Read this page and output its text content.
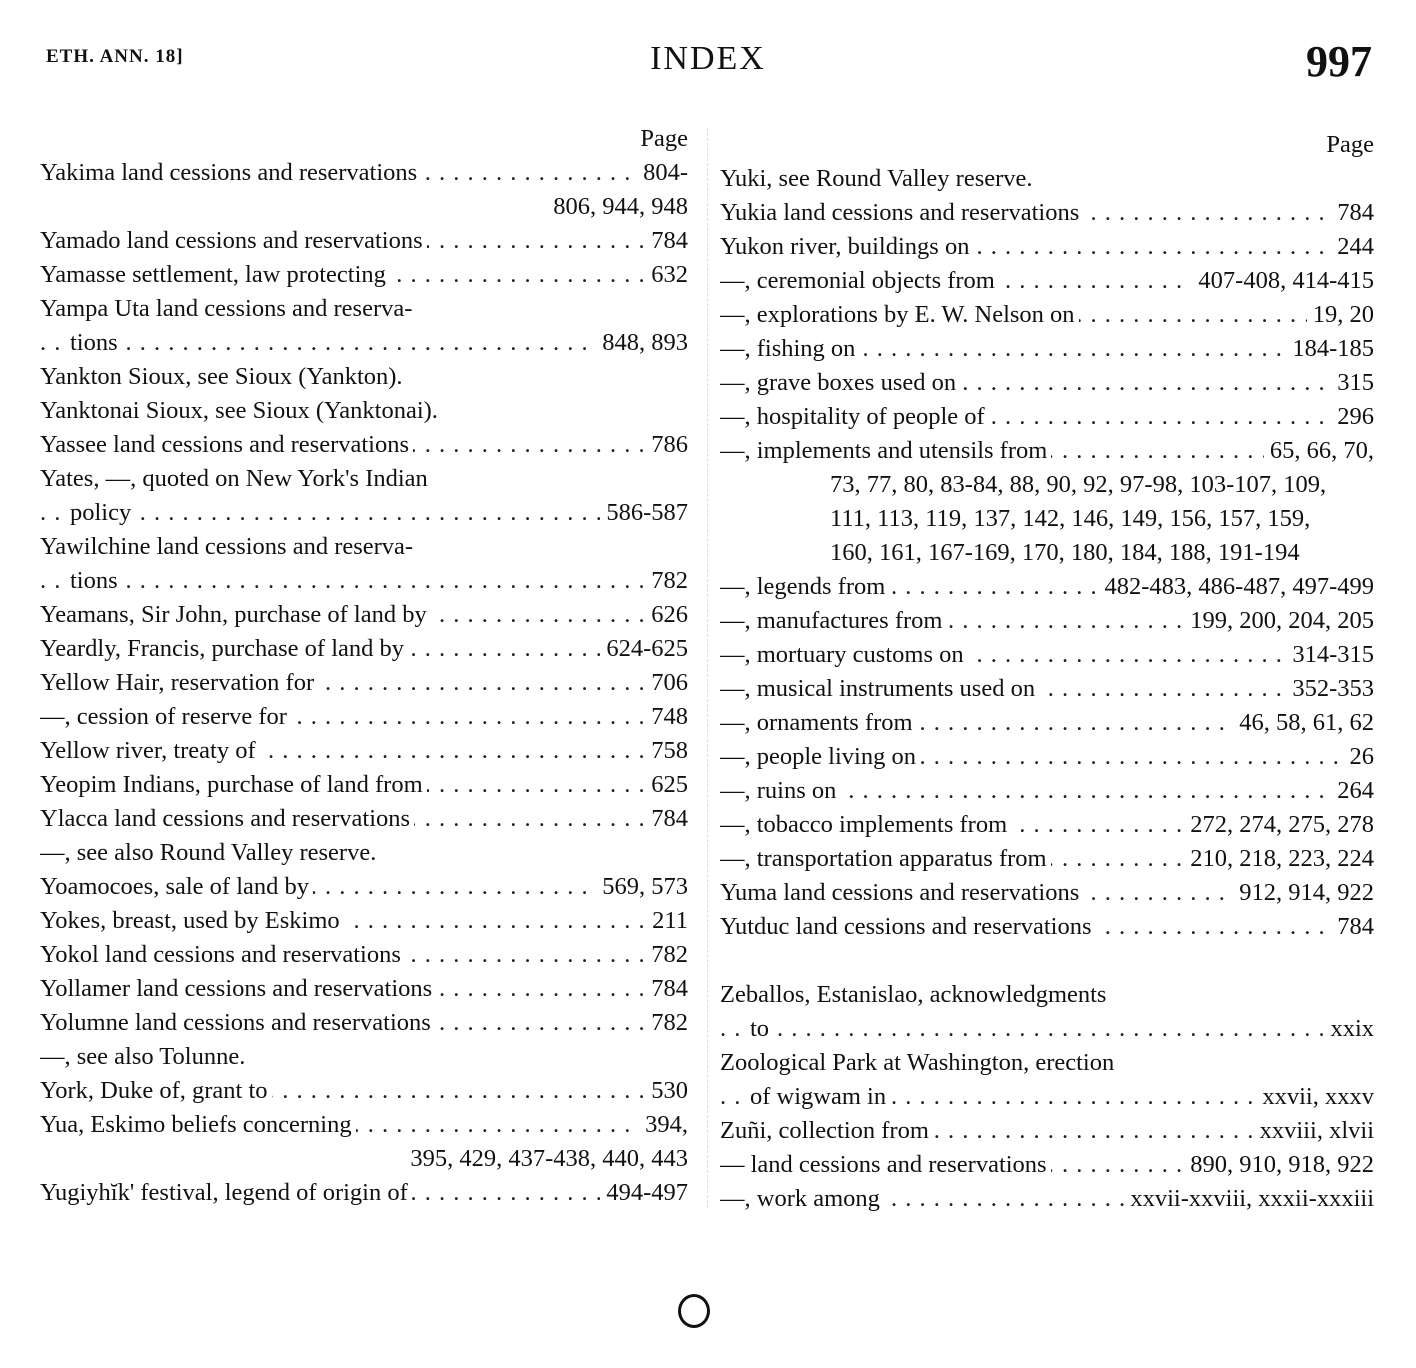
ETH. ANN. 18]	INDEX	997
Page
. . . Yakima land cessions and reservations	804-
806, 944, 948
. . . Yamado land cessions and reservations	784
. . . Yamasse settlement, law protecting	632
Yampa Uta land cessions and reserva-
. . . tions	848, 893
Yankton Sioux, see Sioux (Yankton).
Yanktonai Sioux, see Sioux (Yanktonai).
. . . Yassee land cessions and reservations	786
Yates, —, quoted on New York's Indian
. . . policy	586-587
Yawilchine land cessions and reserva-
. . . tions	782
. . . Yeamans, Sir John, purchase of land by	626
. . . Yeardly, Francis, purchase of land by	624-625
. . . Yellow Hair, reservation for	706
. . . —, cession of reserve for	748
. . . Yellow river, treaty of	758
. . . Yeopim Indians, purchase of land from	625
. . . Ylacca land cessions and reservations	784
—, see also Round Valley reserve.
. . . Yoamocoes, sale of land by	569, 573
. . . Yokes, breast, used by Eskimo	211
. . . Yokol land cessions and reservations	782
. . . Yollamer land cessions and reservations	784
. . . Yolumne land cessions and reservations	782
—, see also Tolunne.
. . . York, Duke of, grant to	530
. . . Yua, Eskimo beliefs concerning	394,
395, 429, 437-438, 440, 443
. . . Yugiyhĭk' festival, legend of origin of	494-497
Page
Yuki, see Round Valley reserve.
. . . Yukia land cessions and reservations	784
. . . Yukon river, buildings on	244
. . . —, ceremonial objects from	407-408, 414-415
. . . —, explorations by E. W. Nelson on	19, 20
. . . —, fishing on	184-185
. . . —, grave boxes used on	315
. . . —, hospitality of people of	296
. . . —, implements and utensils from	65, 66, 70,
73, 77, 80, 83-84, 88, 90, 92, 97-98, 103-107, 109,
111, 113, 119, 137, 142, 146, 149, 156, 157, 159,
160, 161, 167-169, 170, 180, 184, 188, 191-194
. . . —, legends from	482-483, 486-487, 497-499
. . . —, manufactures from	199, 200, 204, 205
. . . —, mortuary customs on	314-315
. . . —, musical instruments used on	352-353
. . . —, ornaments from	46, 58, 61, 62
. . . —, people living on	26
. . . —, ruins on	264
. . . —, tobacco implements from	272, 274, 275, 278
. . . —, transportation apparatus from	210, 218, 223, 224
. . . Yuma land cessions and reservations	912, 914, 922
. . . Yutduc land cessions and reservations	784
Zeballos, Estanislao, acknowledgments
. . . to	xxix
Zoological Park at Washington, erection
. . . of wigwam in	xxvii, xxxv
. . . Zuñi, collection from	xxviii, xlvii
. . . — land cessions and reservations	890, 910, 918, 922
. . . —, work among	xxvii-xxviii, xxxii-xxxiii
